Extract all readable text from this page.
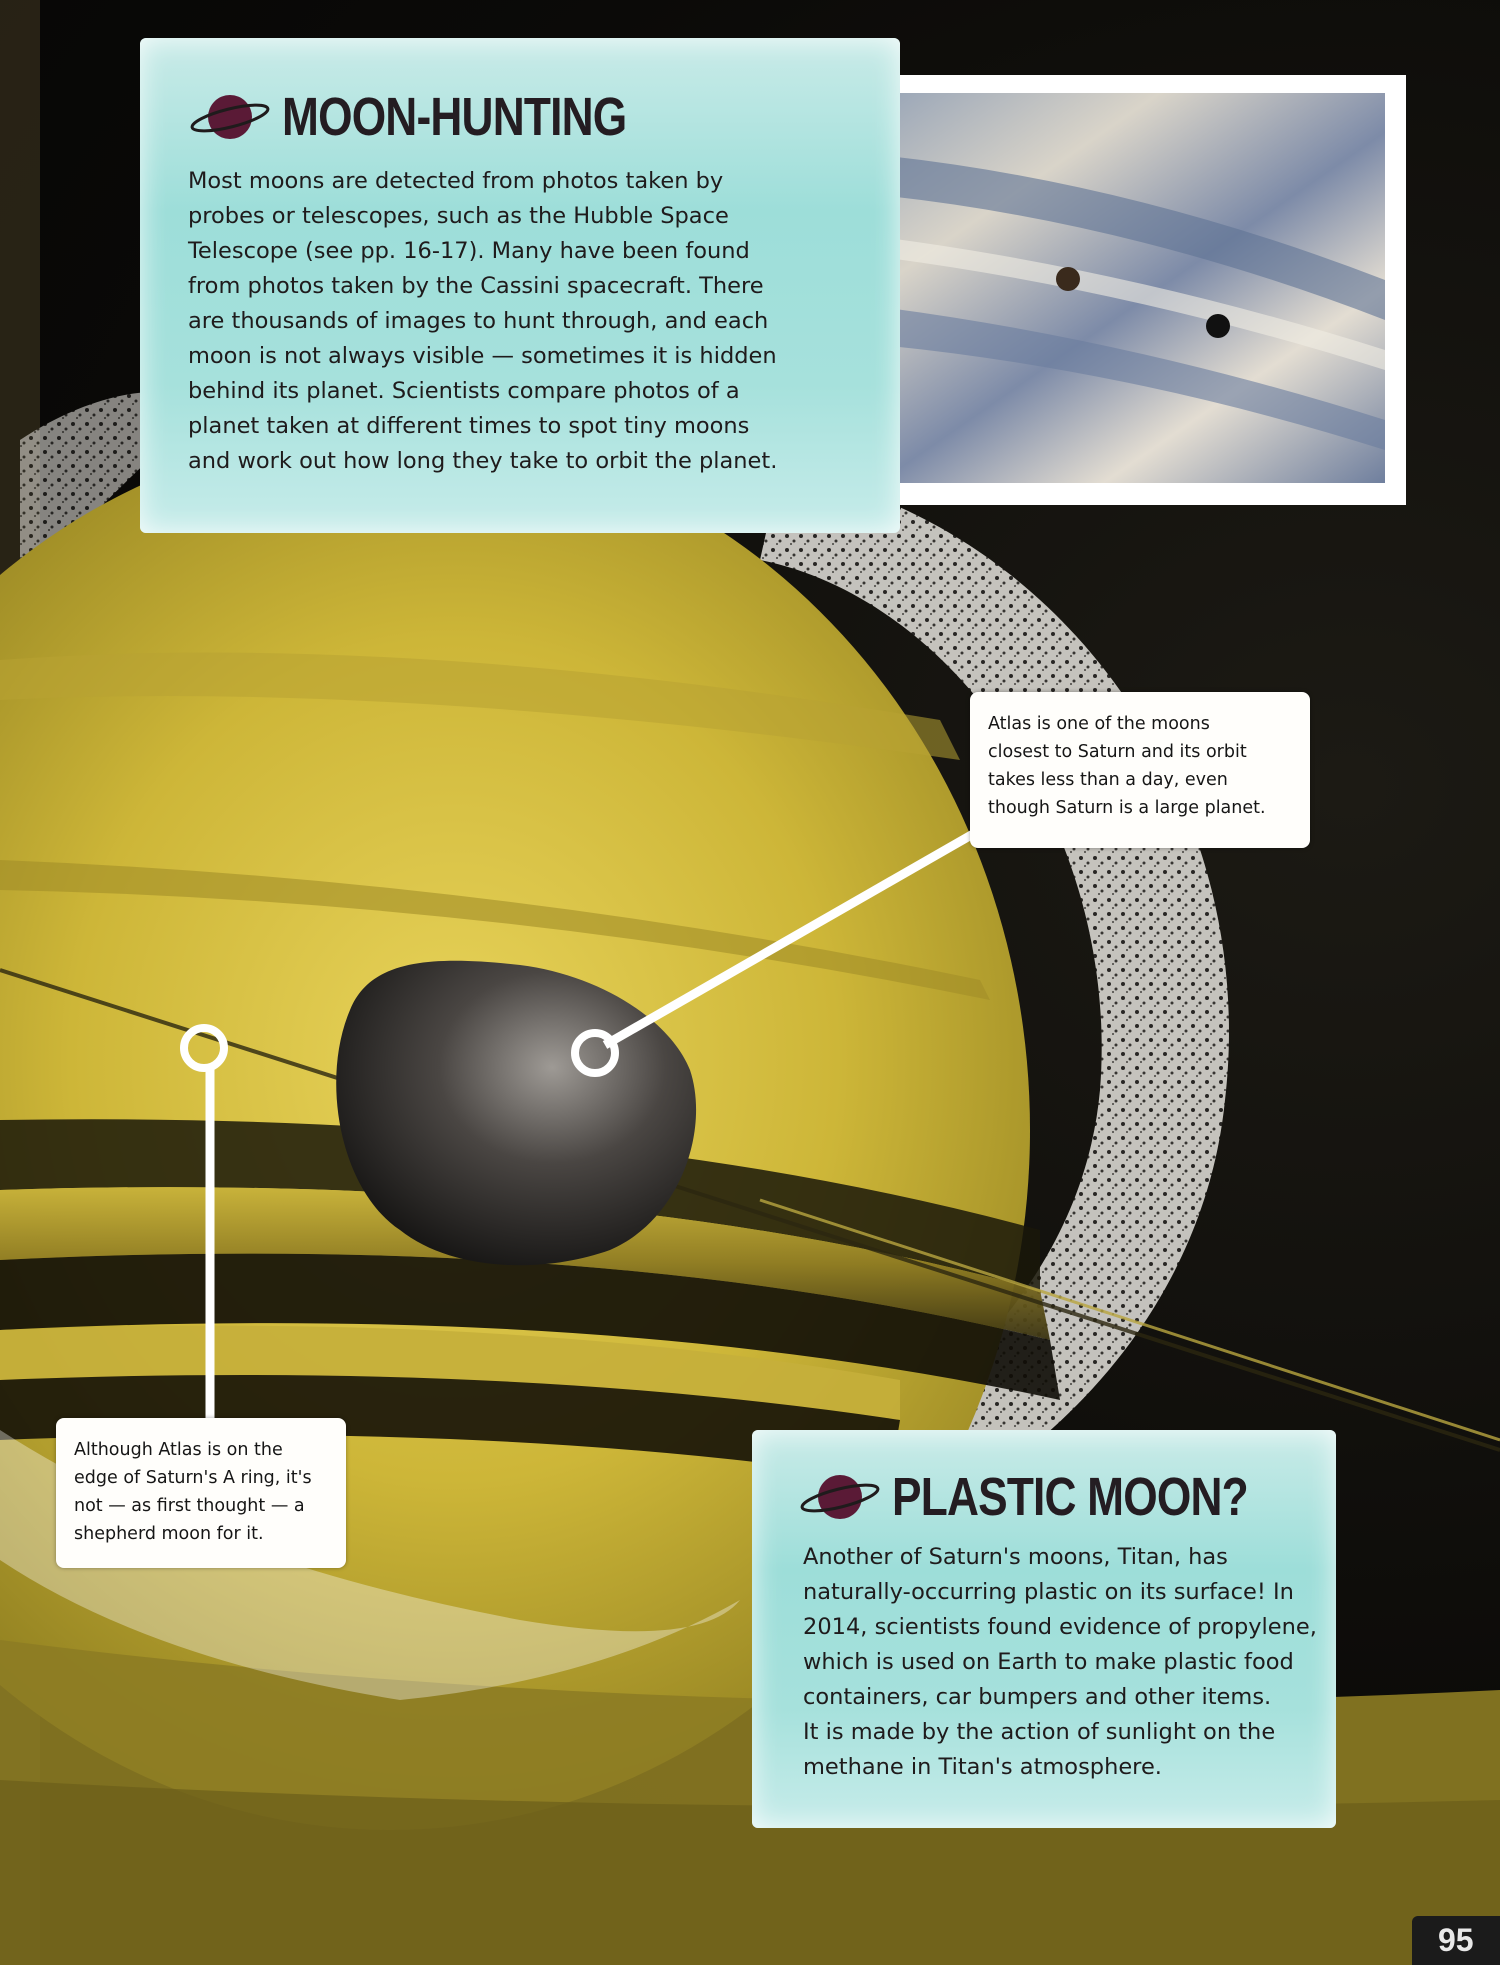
MOON-HUNTING
Most moons are detected from photos taken by
probes or telescopes, such as the Hubble Space
Telescope (see pp. 16-17). Many have been found
from photos taken by the Cassini spacecraft. There
are thousands of images to hunt through, and each
moon is not always visible — sometimes it is hidden
behind its planet. Scientists compare photos of a
planet taken at different times to spot tiny moons
and work out how long they take to orbit the planet.
Atlas is one of the moons
closest to Saturn and its orbit
takes less than a day, even
though Saturn is a large planet.
Although Atlas is on the
edge of Saturn's A ring, it's
not — as first thought — a
shepherd moon for it.
PLASTIC MOON?
Another of Saturn's moons, Titan, has
naturally-occurring plastic on its surface! In
2014, scientists found evidence of propylene,
which is used on Earth to make plastic food
containers, car bumpers and other items.
It is made by the action of sunlight on the
methane in Titan's atmosphere.
95
